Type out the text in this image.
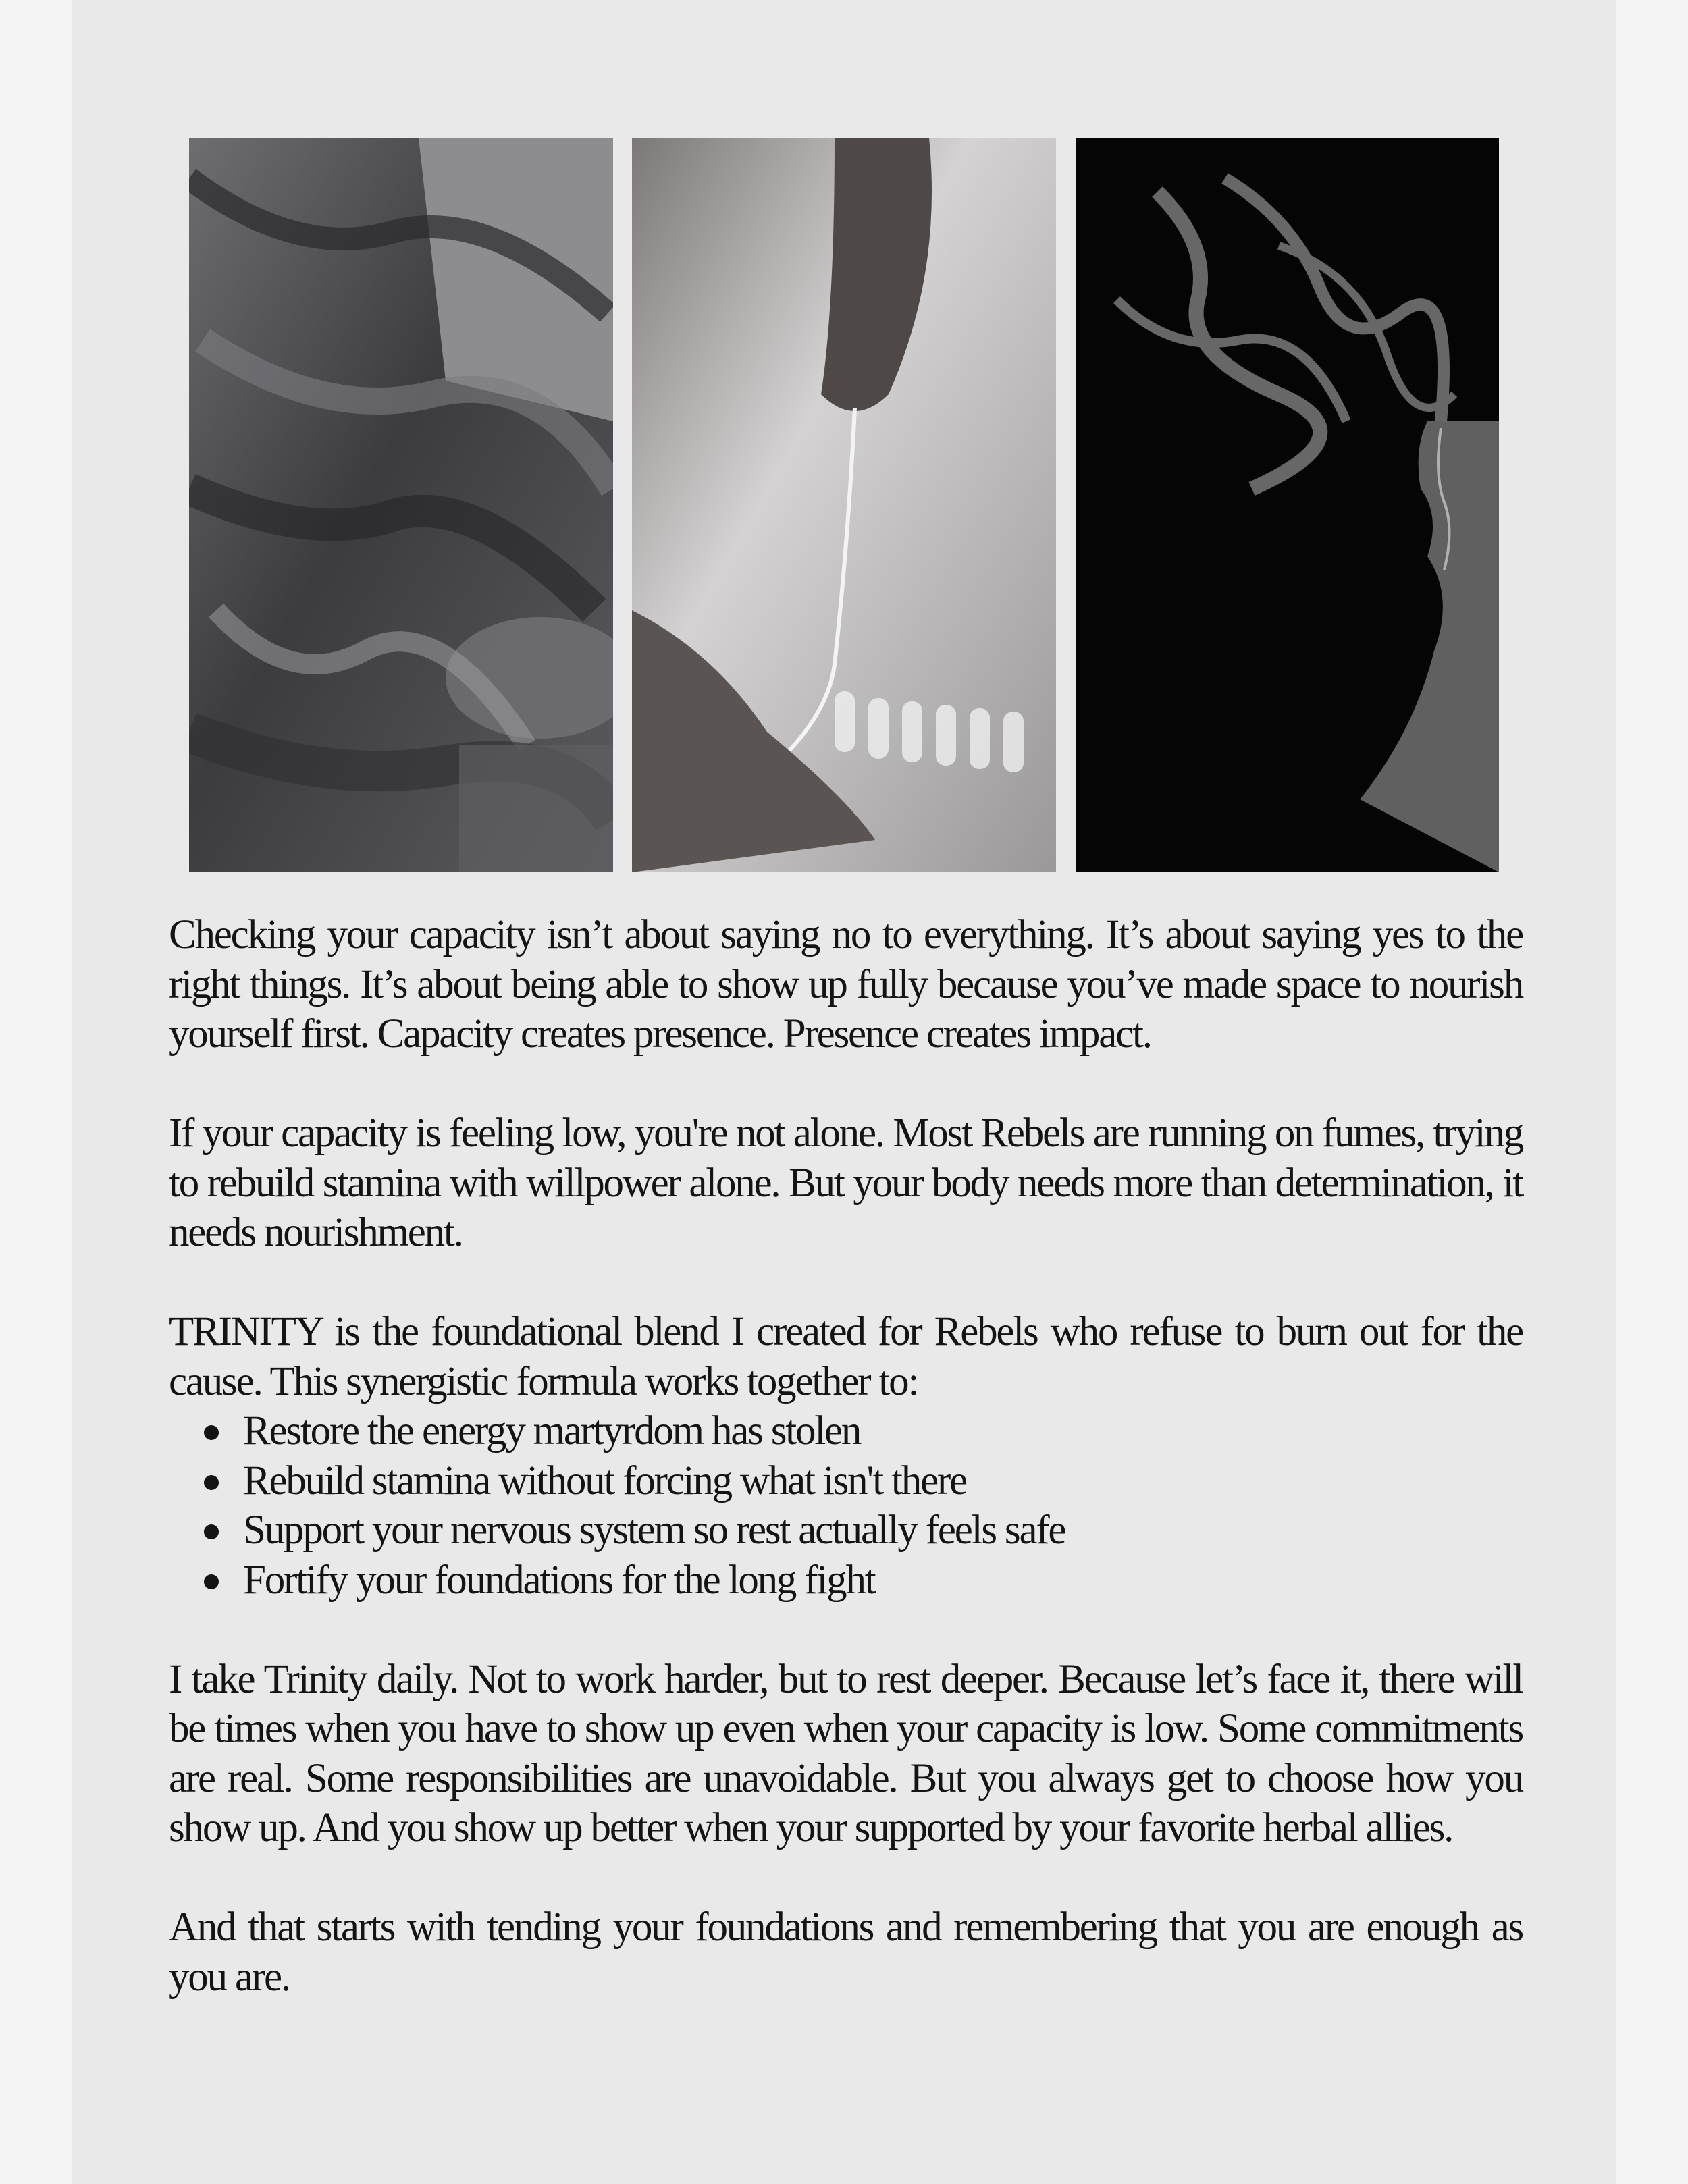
Checking your capacity isn’t about saying no to everything. It’s about saying yes to the right things. It’s about being able to show up fully because you’ve made space to nourish yourself first. Capacity creates presence. Presence creates impact.

If your capacity is feeling low, you're not alone. Most Rebels are running on fumes, trying to rebuild stamina with willpower alone. But your body needs more than determination, it needs nourishment.

TRINITY is the foundational blend I created for Rebels who refuse to burn out for the cause. This synergistic formula works together to:

Restore the energy martyrdom has stolen
Rebuild stamina without forcing what isn't there
Support your nervous system so rest actually feels safe
Fortify your foundations for the long fight

I take Trinity daily. Not to work harder, but to rest deeper. Because let’s face it, there will be times when you have to show up even when your capacity is low. Some commitments are real. Some responsibilities are unavoidable. But you always get to choose how you show up. And you show up better when your supported by your favorite herbal allies.

And that starts with tending your foundations and remembering that you are enough as you are.
